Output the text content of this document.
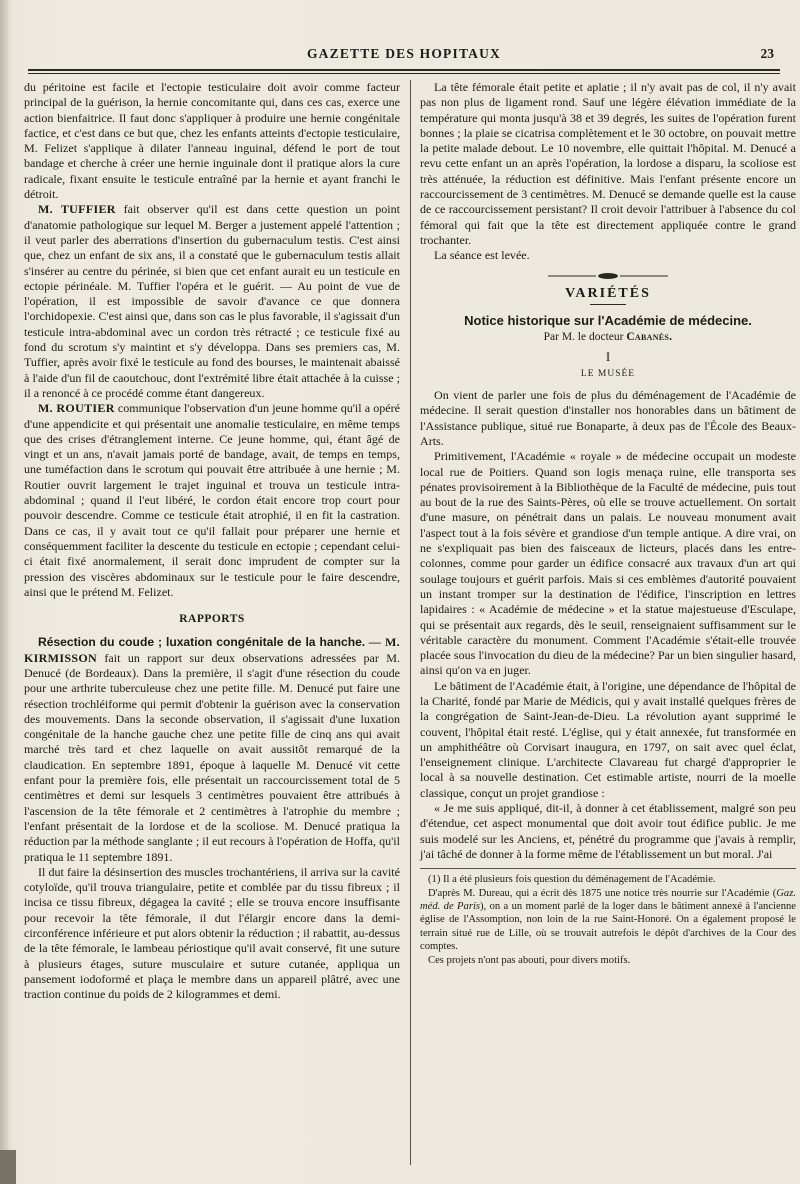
GAZETTE DES HOPITAUX	23

du péritoine est facile et l'ectopie testiculaire doit avoir comme facteur principal de la guérison, la hernie concomitante qui, dans ces cas, exerce une action bienfaitrice. Il faut donc s'appliquer à produire une hernie congénitale factice, et c'est dans ce but que, chez les enfants atteints d'ectopie testiculaire, M. Felizet s'applique à dilater l'anneau inguinal, défend le port de tout bandage et cherche à créer une hernie inguinale dont il pratique alors la cure radicale, fixant ensuite le testicule entraîné par la hernie et ayant franchi le détroit.

M. TUFFIER fait observer qu'il est dans cette question un point d'anatomie pathologique sur lequel M. Berger a justement appelé l'attention ; il veut parler des aberrations d'insertion du gubernaculum testis. C'est ainsi que, chez un enfant de six ans, il a constaté que le gubernaculum testis allait s'insérer au centre du périnée, si bien que cet enfant aurait eu un testicule en ectopie périnéale. M. Tuffier l'opéra et le guérit. — Au point de vue de l'opération, il est impossible de savoir d'avance ce que donnera l'orchidopexie. C'est ainsi que, dans son cas le plus favorable, il s'agissait d'un testicule intra-abdominal avec un cordon très rétracté ; ce testicule fixé au fond du scrotum s'y maintint et s'y développa. Dans ses premiers cas, M. Tuffier, après avoir fixé le testicule au fond des bourses, le maintenait abaissé à l'aide d'un fil de caoutchouc, dont l'extrémité libre était attachée à la cuisse ; il a renoncé à ce procédé comme étant dangereux.

M. ROUTIER communique l'observation d'un jeune homme qu'il a opéré d'une appendicite et qui présentait une anomalie testiculaire, en même temps que des crises d'étranglement interne. Ce jeune homme, qui, étant âgé de vingt et un ans, n'avait jamais porté de bandage, avait, de temps en temps, une tuméfaction dans le scrotum qui pouvait être attribuée à une hernie ; M. Routier ouvrit largement le trajet inguinal et trouva un testicule intra-abdominal ; quand il l'eut libéré, le cordon était encore trop court pour pouvoir descendre. Comme ce testicule était atrophié, il en fit la castration. Dans ce cas, il y avait tout ce qu'il fallait pour préparer une hernie et conséquemment faciliter la descente du testicule en ectopie ; cependant celui-ci était fixé anormalement, il serait donc imprudent de compter sur la pression des viscères abdominaux sur le testicule pour le faire descendre, ainsi que le prétend M. Felizet.

RAPPORTS

Résection du coude ; luxation congénitale de la hanche. — M. KIRMISSON fait un rapport sur deux observations adressées par M. Denucé (de Bordeaux). Dans la première, il s'agit d'une résection du coude pour une arthrite tuberculeuse chez une petite fille. M. Denucé put faire une résection trochléiforme qui permit d'obtenir la guérison avec la conservation des mouvements. Dans la seconde observation, il s'agissait d'une luxation congénitale de la hanche gauche chez une petite fille de cinq ans qui avait marché très tard et chez laquelle on avait aussitôt remarqué de la claudication. En septembre 1891, époque à laquelle M. Denucé vit cette enfant pour la première fois, elle présentait un raccourcissement total de 5 centimètres et demi sur lesquels 3 centimètres pouvaient être attribués à l'ascension de la tête fémorale et 2 centimètres à l'atrophie du membre ; l'enfant présentait de la lordose et de la scoliose. M. Denucé pratiqua la réduction par la méthode sanglante ; il eut recours à l'opération de Hoffa, qu'il pratiqua le 11 septembre 1891.

Il dut faire la désinsertion des muscles trochantériens, il arriva sur la cavité cotyloïde, qu'il trouva triangulaire, petite et comblée par du tissu fibreux ; il incisa ce tissu fibreux, dégagea la cavité ; elle se trouva encore insuffisante pour recevoir la tête fémorale, il dut l'élargir encore dans la demi-circonférence inférieure et put alors obtenir la réduction ; il rabattit, au-dessus de la tête fémorale, le lambeau périostique qu'il avait conservé, fit une suture à plusieurs étages, suture musculaire et suture cutanée, appliqua un pansement iodoformé et plaça le membre dans un appareil plâtré, avec une traction continue du poids de 2 kilogrammes et demi.

La tête fémorale était petite et aplatie ; il n'y avait pas de col, il n'y avait pas non plus de ligament rond. Sauf une légère élévation immédiate de la température qui monta jusqu'à 38 et 39 degrés, les suites de l'opération furent bonnes ; la plaie se cicatrisa complètement et le 30 octobre, on pouvait mettre la petite malade debout. Le 10 novembre, elle quittait l'hôpital. M. Denucé a revu cette enfant un an après l'opération, la lordose a disparu, la scoliose est très atténuée, la réduction est définitive. Mais l'enfant présente encore un raccourcissement de 3 centimètres. M. Denucé se demande quelle est la cause de ce raccourcissement persistant? Il croit devoir l'attribuer à l'absence du col fémoral qui fait que la tête est directement appliquée contre le grand trochanter.

La séance est levée.

VARIÉTÉS
Notice historique sur l'Académie de médecine.
Par M. le docteur Cabanès.
I
LE MUSÉE

On vient de parler une fois de plus du déménagement de l'Académie de médecine. Il serait question d'installer nos honorables dans un bâtiment de l'Assistance publique, situé rue Bonaparte, à deux pas de l'École des Beaux-Arts.

Primitivement, l'Académie « royale » de médecine occupait un modeste local rue de Poitiers. Quand son logis menaça ruine, elle transporta ses pénates provisoirement à la Bibliothèque de la Faculté de médecine, puis tout au bout de la rue des Saints-Pères, où elle se trouve actuellement. On sortait d'une masure, on pénétrait dans un palais. Le nouveau monument avait l'aspect tout à la fois sévère et grandiose d'un temple antique. A dire vrai, on ne s'expliquait pas bien des faisceaux de licteurs, placés dans les entre-colonnes, comme pour garder un édifice consacré aux travaux d'un art qui soulage toujours et guérit parfois. Mais si ces emblèmes d'autorité pouvaient un instant tromper sur la destination de l'édifice, l'inscription en lettres lapidaires : « Académie de médecine » et la statue majestueuse d'Esculape, qui se présentait aux regards, dès le seuil, renseignaient suffisamment sur le véritable caractère du monument. Comment l'Académie s'était-elle trouvée placée sous l'invocation du dieu de la médecine? Par un bien singulier hasard, ainsi qu'on va en juger.

Le bâtiment de l'Académie était, à l'origine, une dépendance de l'hôpital de la Charité, fondé par Marie de Médicis, qui y avait installé quelques frères de la congrégation de Saint-Jean-de-Dieu. La révolution ayant supprimé le couvent, l'hôpital était resté. L'église, qui y était annexée, fut transformée en un amphithéâtre où Corvisart inaugura, en 1797, on sait avec quel éclat, l'enseignement clinique. L'architecte Clavareau fut chargé d'approprier le local à sa nouvelle destination. Cet estimable artiste, nourri de la moelle classique, conçut un projet grandiose :

« Je me suis appliqué, dit-il, à donner à cet établissement, malgré son peu d'étendue, cet aspect monumental que doit avoir tout édifice public. Je me suis modelé sur les Anciens, et, pénétré du programme que j'avais à remplir, j'ai tâché de donner à la forme même de l'établissement un but moral. J'ai

(1) Il a été plusieurs fois question du déménagement de l'Académie.

D'après M. Dureau, qui a écrit dès 1875 une notice très nourrie sur l'Académie (Gaz. méd. de Paris), on a un moment parlé de la loger dans le bâtiment annexé à l'ancienne église de l'Assomption, non loin de la rue Saint-Honoré. On a également proposé le terrain situé rue de Lille, où se trouvait autrefois le dépôt d'archives de la Cour des comptes.

Ces projets n'ont pas abouti, pour divers motifs.
